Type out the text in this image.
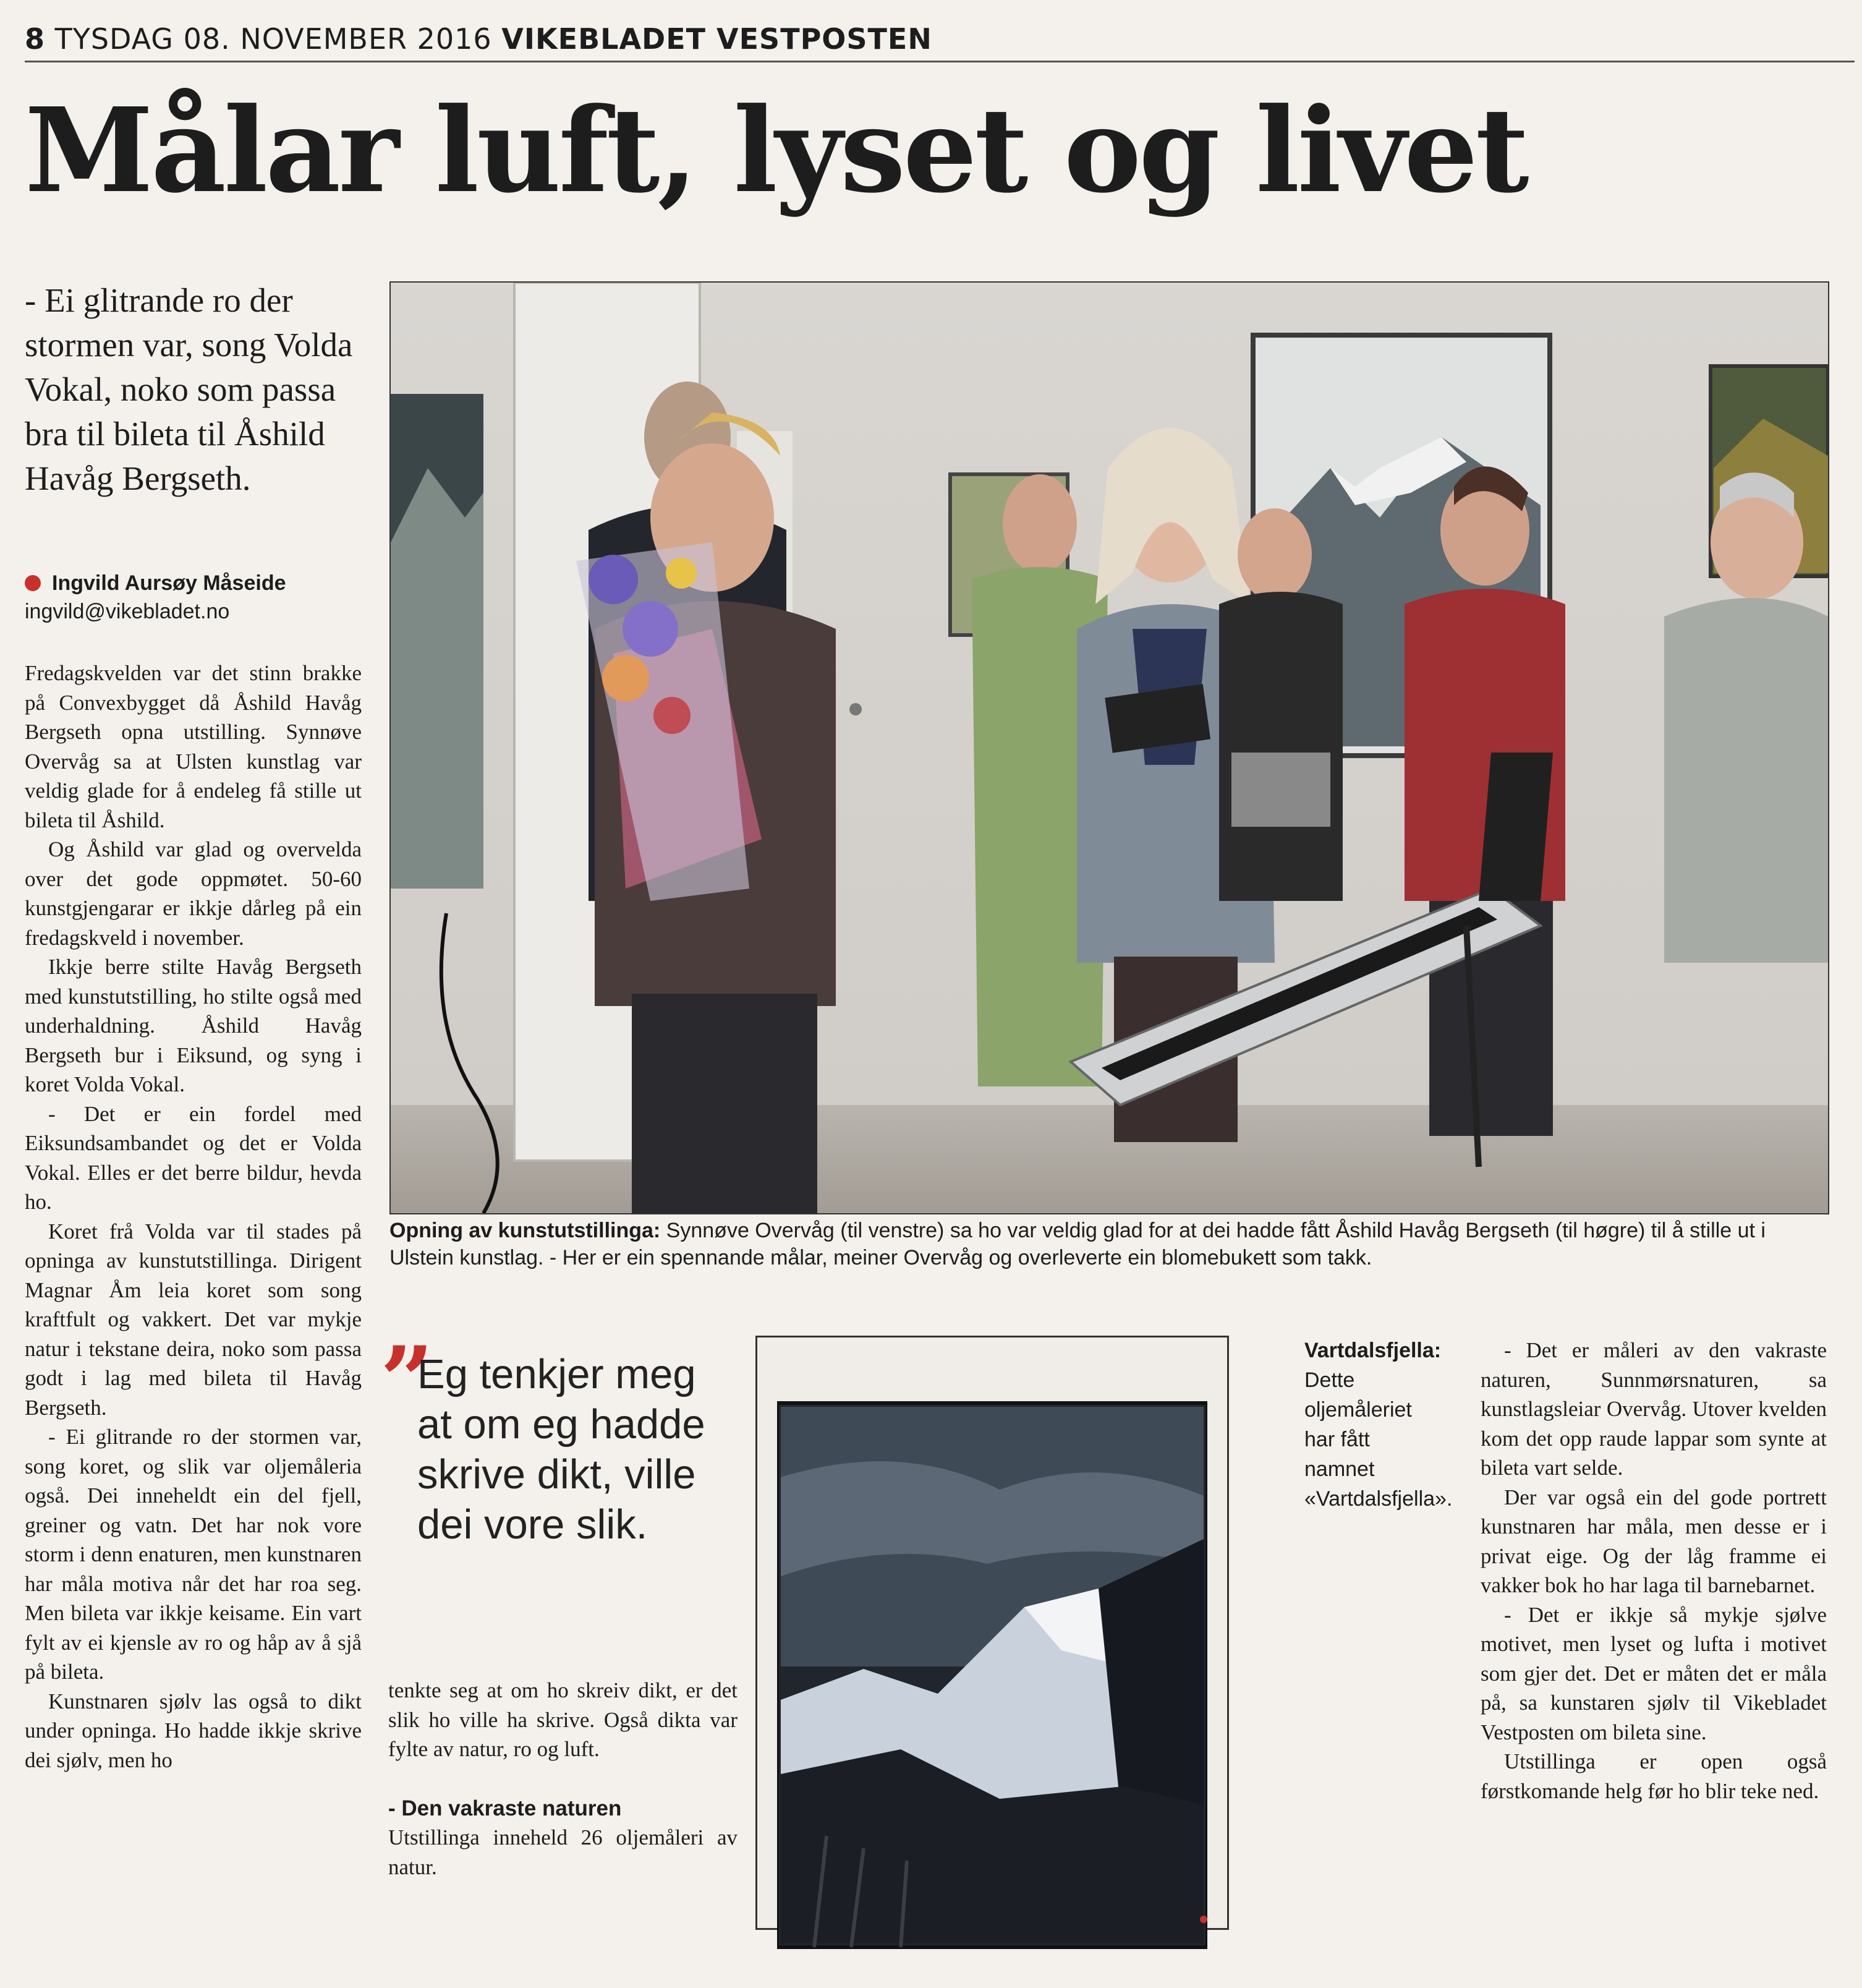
8 TYSDAG 08. NOVEMBER 2016 VIKEBLADET VESTPOSTEN
Målar luft, lyset og livet
- Ei glitrande ro der stormen var, song Volda Vokal, noko som passa bra til bileta til Åshild Havåg Bergseth.
Ingvild Aursøy Måseide
ingvild@vikebladet.no

Fredagskvelden var det stinn brakke på Convexbygget då Åshild Havåg Bergseth opna utstilling. Synnøve Overvåg sa at Ulsten kunstlag var veldig glade for å endeleg få stille ut bileta til Åshild.

Og Åshild var glad og overvelda over det gode oppmøtet. 50-60 kunstgjengarar er ikkje dårleg på ein fredagskveld i november.

Ikkje berre stilte Havåg Bergseth med kunstutstilling, ho stilte også med underhaldning. Åshild Havåg Bergseth bur i Eiksund, og syng i koret Volda Vokal.

- Det er ein fordel med Eiksundsambandet og det er Volda Vokal. Elles er det berre bildur, hevda ho.

Koret frå Volda var til stades på opninga av kunstutstillinga. Dirigent Magnar Åm leia koret som song kraftfult og vakkert. Det var mykje natur i tekstane deira, noko som passa godt i lag med bileta til Havåg Bergseth.

- Ei glitrande ro der stormen var, song koret, og slik var oljemåleria også. Dei inneheldt ein del fjell, greiner og vatn. Det har nok vore storm i denn enaturen, men kunstnaren har måla motiva når det har roa seg. Men bileta var ikkje keisame. Ein vart fylt av ei kjensle av ro og håp av å sjå på bileta.

Kunstnaren sjølv las også to dikt under opninga. Ho hadde ikkje skrive dei sjølv, men ho

Opning av kunstutstillinga: Synnøve Overvåg (til venstre) sa ho var veldig glad for at dei hadde fått Åshild Havåg Bergseth (til høgre) til å stille ut i Ulstein kunstlag. - Her er ein spennande målar, meiner Overvåg og overleverte ein blomebukett som takk.
”
Eg tenkjer meg at om eg hadde skrive dikt, ville dei vore slik.

tenkte seg at om ho skreiv dikt, er det slik ho ville ha skrive. Også dikta var fylte av natur, ro og luft.

- Den vakraste naturen

Utstillinga inneheld 26 oljemåleri av natur.

Vartdalsfjella: Dette oljemåleriet har fått namnet «Vartdalsfjella».

- Det er måleri av den vakraste naturen, Sunnmørsnaturen, sa kunstlagsleiar Overvåg. Utover kvelden kom det opp raude lappar som synte at bileta vart selde.

Der var også ein del gode portrett kunstnaren har måla, men desse er i privat eige. Og der låg framme ei vakker bok ho har laga til barnebarnet.

- Det er ikkje så mykje sjølve motivet, men lyset og lufta i motivet som gjer det. Det er måten det er måla på, sa kunstaren sjølv til Vikebladet Vestposten om bileta sine.

Utstillinga er open også førstkomande helg før ho blir teke ned.
